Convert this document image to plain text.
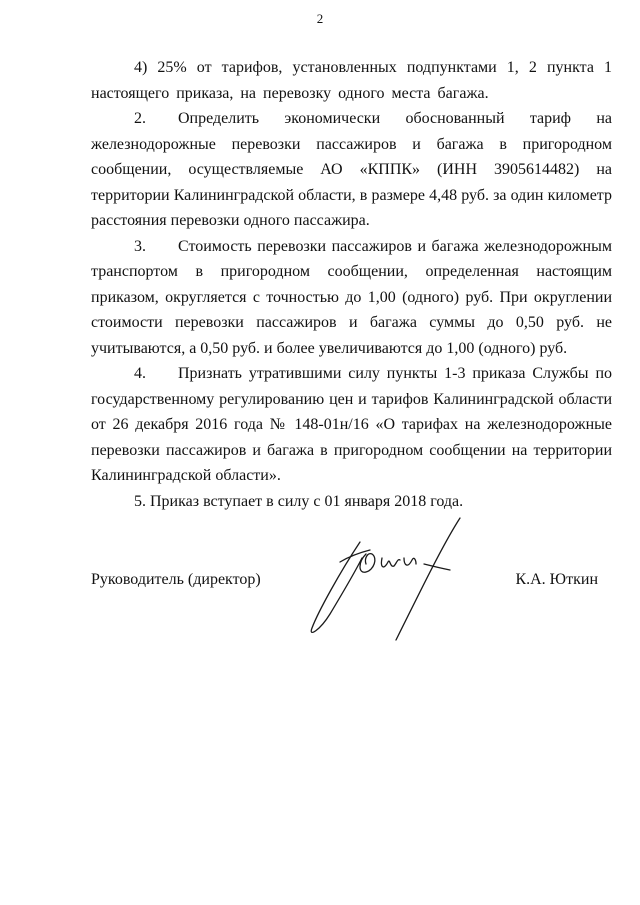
2

4) 25% от тарифов, установленных подпунктами 1, 2 пункта 1 настоящего приказа, на перевозку одного места багажа.

2.  Определить экономически обоснованный тариф на железнодорожные перевозки пассажиров и багажа в пригородном сообщении, осуществляемые АО «КППК» (ИНН 3905614482) на территории Калининградской области, в размере 4,48 руб. за один километр расстояния перевозки одного пассажира.

3.  Стоимость перевозки пассажиров и багажа железнодорожным транспортом в пригородном сообщении, определенная настоящим приказом, округляется с точностью до 1,00 (одного) руб. При округлении стоимости перевозки пассажиров и багажа суммы до 0,50 руб. не учитываются, а 0,50 руб. и более увеличиваются до 1,00 (одного) руб.

4.  Признать утратившими силу пункты 1-3 приказа Службы по государственному регулированию цен и тарифов Калининградской области от 26 декабря 2016 года № 148-01н/16 «О тарифах на железнодорожные перевозки пассажиров и багажа в пригородном сообщении на территории Калининградской области».

5. Приказ вступает в силу с 01 января 2018 года.

Руководитель (директор)	К.А. Юткин
